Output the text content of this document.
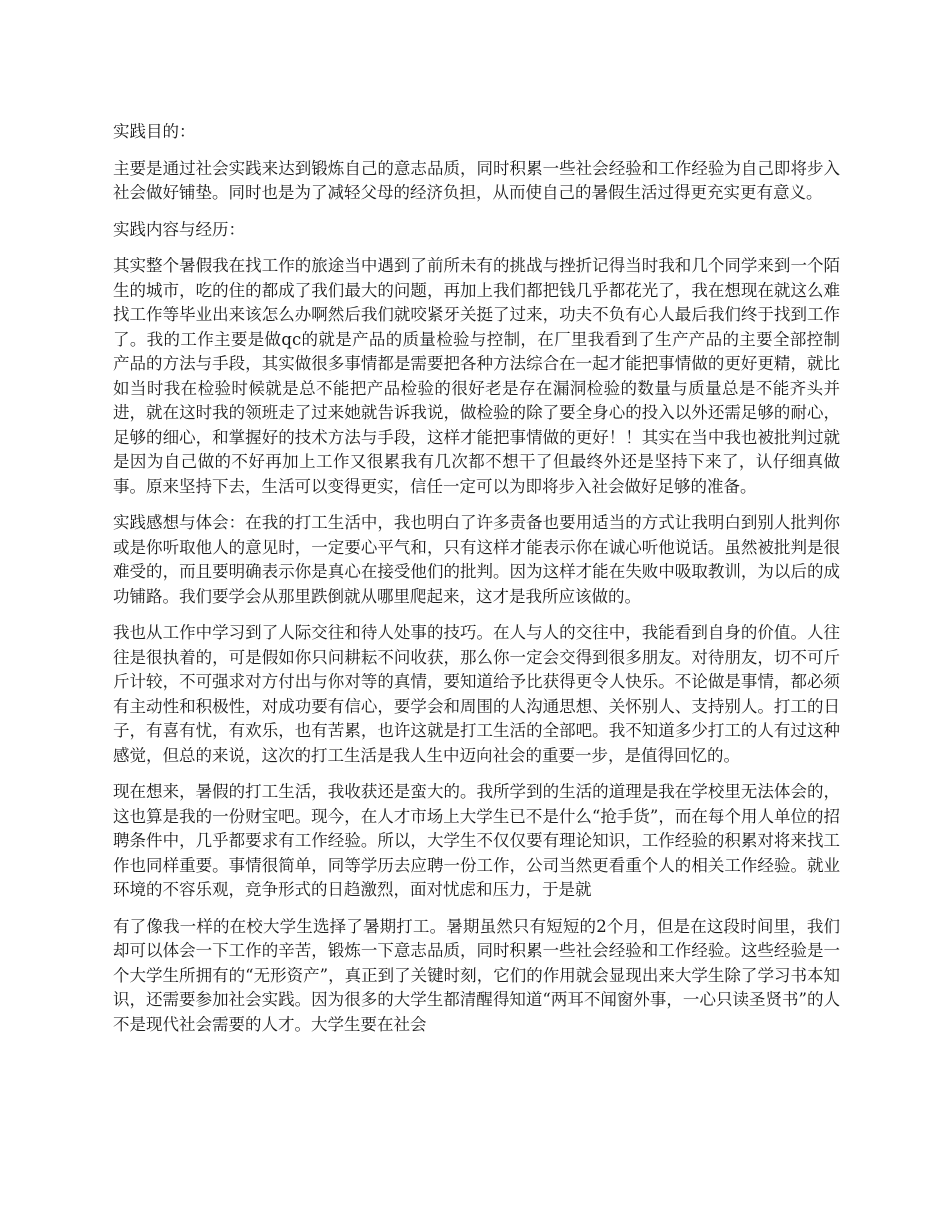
实践目的：

主要是通过社会实践来达到锻炼自己的意志品质，同时积累一些社会经验和工作经验为自己即将步入社会做好铺垫。同时也是为了减轻父母的经济负担，从而使自己的暑假生活过得更充实更有意义。

实践内容与经历：

其实整个暑假我在找工作的旅途当中遇到了前所未有的挑战与挫折记得当时我和几个同学来到一个陌生的城市，吃的住的都成了我们最大的问题，再加上我们都把钱几乎都花光了，我在想现在就这么难找工作等毕业出来该怎么办啊然后我们就咬紧牙关挺了过来，功夫不负有心人最后我们终于找到工作了。我的工作主要是做qc的就是产品的质量检验与控制，在厂里我看到了生产产品的主要全部控制产品的方法与手段，其实做很多事情都是需要把各种方法综合在一起才能把事情做的更好更精，就比如当时我在检验时候就是总不能把产品检验的很好老是存在漏洞检验的数量与质量总是不能齐头并进，就在这时我的领班走了过来她就告诉我说，做检验的除了要全身心的投入以外还需足够的耐心，足够的细心，和掌握好的技术方法与手段，这样才能把事情做的更好！！其实在当中我也被批判过就是因为自己做的不好再加上工作又很累我有几次都不想干了但最终外还是坚持下来了，认仔细真做事。原来坚持下去，生活可以变得更实，信任一定可以为即将步入社会做好足够的准备。

实践感想与体会：在我的打工生活中，我也明白了许多责备也要用适当的方式让我明白到别人批判你或是你听取他人的意见时，一定要心平气和，只有这样才能表示你在诚心听他说话。虽然被批判是很难受的，而且要明确表示你是真心在接受他们的批判。因为这样才能在失败中吸取教训，为以后的成功铺路。我们要学会从那里跌倒就从哪里爬起来，这才是我所应该做的。

我也从工作中学习到了人际交往和待人处事的技巧。在人与人的交往中，我能看到自身的价值。人往往是很执着的，可是假如你只问耕耘不问收获，那么你一定会交得到很多朋友。对待朋友，切不可斤斤计较，不可强求对方付出与你对等的真情，要知道给予比获得更令人快乐。不论做是事情，都必须有主动性和积极性，对成功要有信心，要学会和周围的人沟通思想、关怀别人、支持别人。打工的日子，有喜有忧，有欢乐，也有苦累，也许这就是打工生活的全部吧。我不知道多少打工的人有过这种感觉，但总的来说，这次的打工生活是我人生中迈向社会的重要一步，是值得回忆的。

现在想来，暑假的打工生活，我收获还是蛮大的。我所学到的生活的道理是我在学校里无法体会的，这也算是我的一份财宝吧。现今，在人才市场上大学生已不是什么“抢手货”，而在每个用人单位的招聘条件中，几乎都要求有工作经验。所以，大学生不仅仅要有理论知识，工作经验的积累对将来找工作也同样重要。事情很简单，同等学历去应聘一份工作，公司当然更看重个人的相关工作经验。就业环境的不容乐观，竞争形式的日趋激烈，面对忧虑和压力，于是就

有了像我一样的在校大学生选择了暑期打工。暑期虽然只有短短的2个月，但是在这段时间里，我们却可以体会一下工作的辛苦，锻炼一下意志品质，同时积累一些社会经验和工作经验。这些经验是一个大学生所拥有的“无形资产”，真正到了关键时刻，它们的作用就会显现出来大学生除了学习书本知识，还需要参加社会实践。因为很多的大学生都清醒得知道“两耳不闻窗外事，一心只读圣贤书”的人不是现代社会需要的人才。大学生要在社会
